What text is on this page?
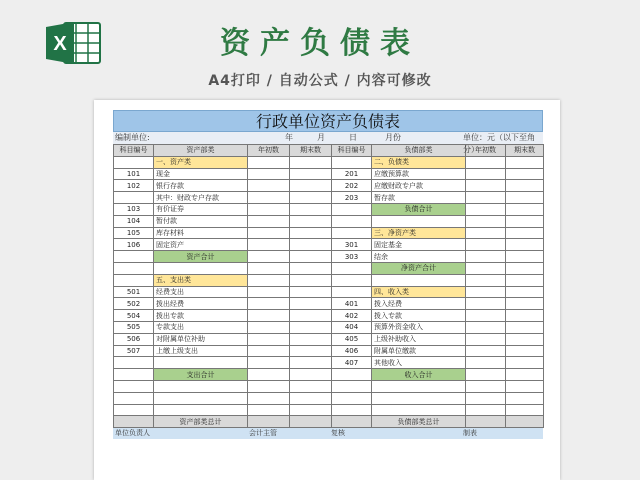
X	资产负债表
A4打印 / 自动公式 / 内容可修改
行政单位资产负债表
编制单位:	年	月	日	月份	单位：元（以下至角分）
科目编号	资产部类	年初数	期末数	科目编号	负债部类	年初数	期末数
	一、资产类				二、负债类		
101	现金			201	应缴预算款		
102	银行存款			202	应缴财政专户款		
	其中：财政专户存款			203	暂存款		
103	有价证券				负债合计		
104	暂付款						
105	库存材料				三、净资产类		
106	固定资产			301	固定基金		
	资产合计			303	结余		
					净资产合计		
	五、支出类						
501	经费支出				四、收入类		
502	拨出经费			401	拨入经费		
504	拨出专款			402	拨入专款		
505	专款支出			404	预算外资金收入		
506	对附属单位补助			405	上级补助收入		
507	上缴上级支出			406	附属单位缴款		
				407	其他收入		
	支出合计				收入合计		

	资产部类总计				负债部类总计		
单位负责人	会计主管	复核	制表
